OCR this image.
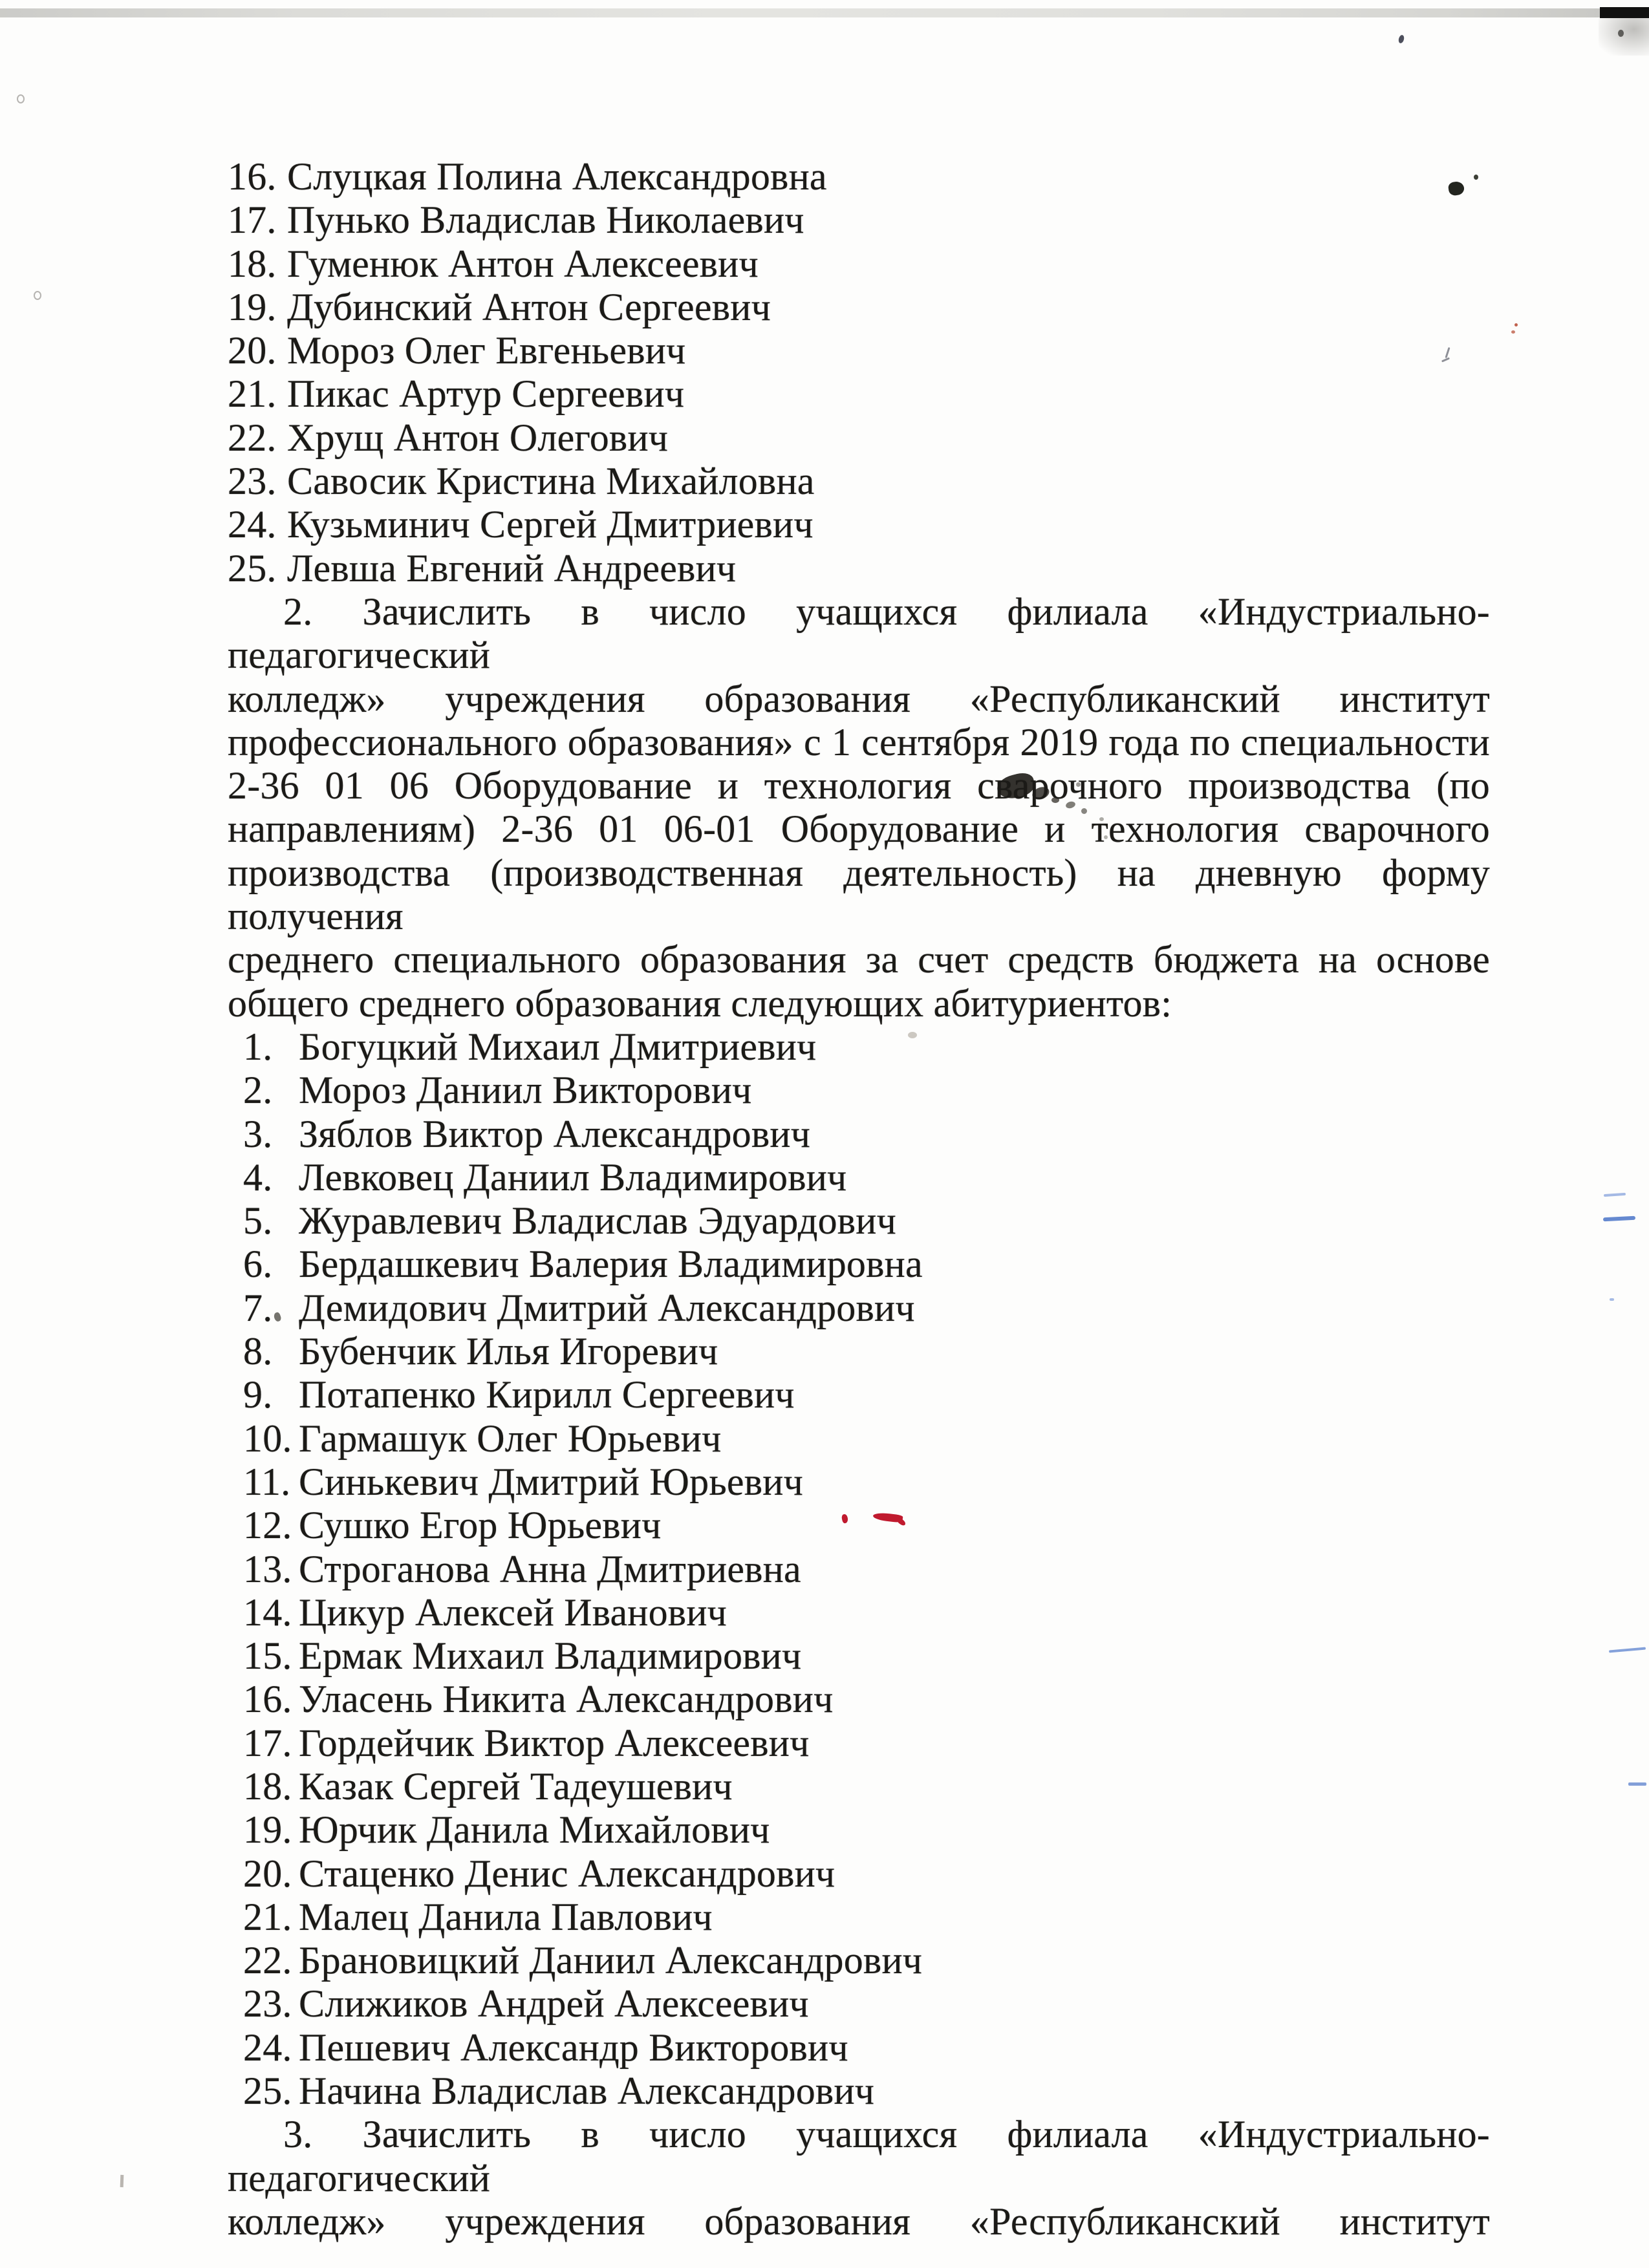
16. Слуцкая Полина Александровна
17. Пунько Владислав Николаевич
18. Гуменюк Антон Алексеевич
19. Дубинский Антон Сергеевич
20. Мороз Олег Евгеньевич
21. Пикас Артур Сергеевич
22. Хрущ Антон Олегович
23. Савосик Кристина Михайловна
24. Кузьминич Сергей Дмитриевич
25. Левша Евгений Андреевич
2. Зачислить в число учащихся филиала «Индустриально-педагогический
колледж» учреждения образования «Республиканский институт
профессионального образования» с 1 сентября 2019 года по специальности
2-36 01 06 Оборудование и технология сварочного производства (по
направлениям) 2-36 01 06-01 Оборудование и технология сварочного
производства (производственная деятельность) на дневную форму получения
среднего специального образования за счет средств бюджета на основе
общего среднего образования следующих абитуриентов:
1. Богуцкий Михаил Дмитриевич
2. Мороз Даниил Викторович
3. Зяблов Виктор Александрович
4. Левковец Даниил Владимирович
5. Журавлевич Владислав Эдуардович
6. Бердашкевич Валерия Владимировна
7. Демидович Дмитрий Александрович
8. Бубенчик Илья Игоревич
9. Потапенко Кирилл Сергеевич
10. Гармашук Олег Юрьевич
11. Синькевич Дмитрий Юрьевич
12. Сушко Егор Юрьевич
13. Строганова Анна Дмитриевна
14. Цикур Алексей Иванович
15. Ермак Михаил Владимирович
16. Уласень Никита Александрович
17. Гордейчик Виктор Алексеевич
18. Казак Сергей Тадеушевич
19. Юрчик Данила Михайлович
20. Стаценко Денис Александрович
21. Малец Данила Павлович
22. Брановицкий Даниил Александрович
23. Слижиков Андрей Алексеевич
24. Пешевич Александр Викторович
25. Начина Владислав Александрович
3. Зачислить в число учащихся филиала «Индустриально-педагогический
колледж» учреждения образования «Республиканский институт
